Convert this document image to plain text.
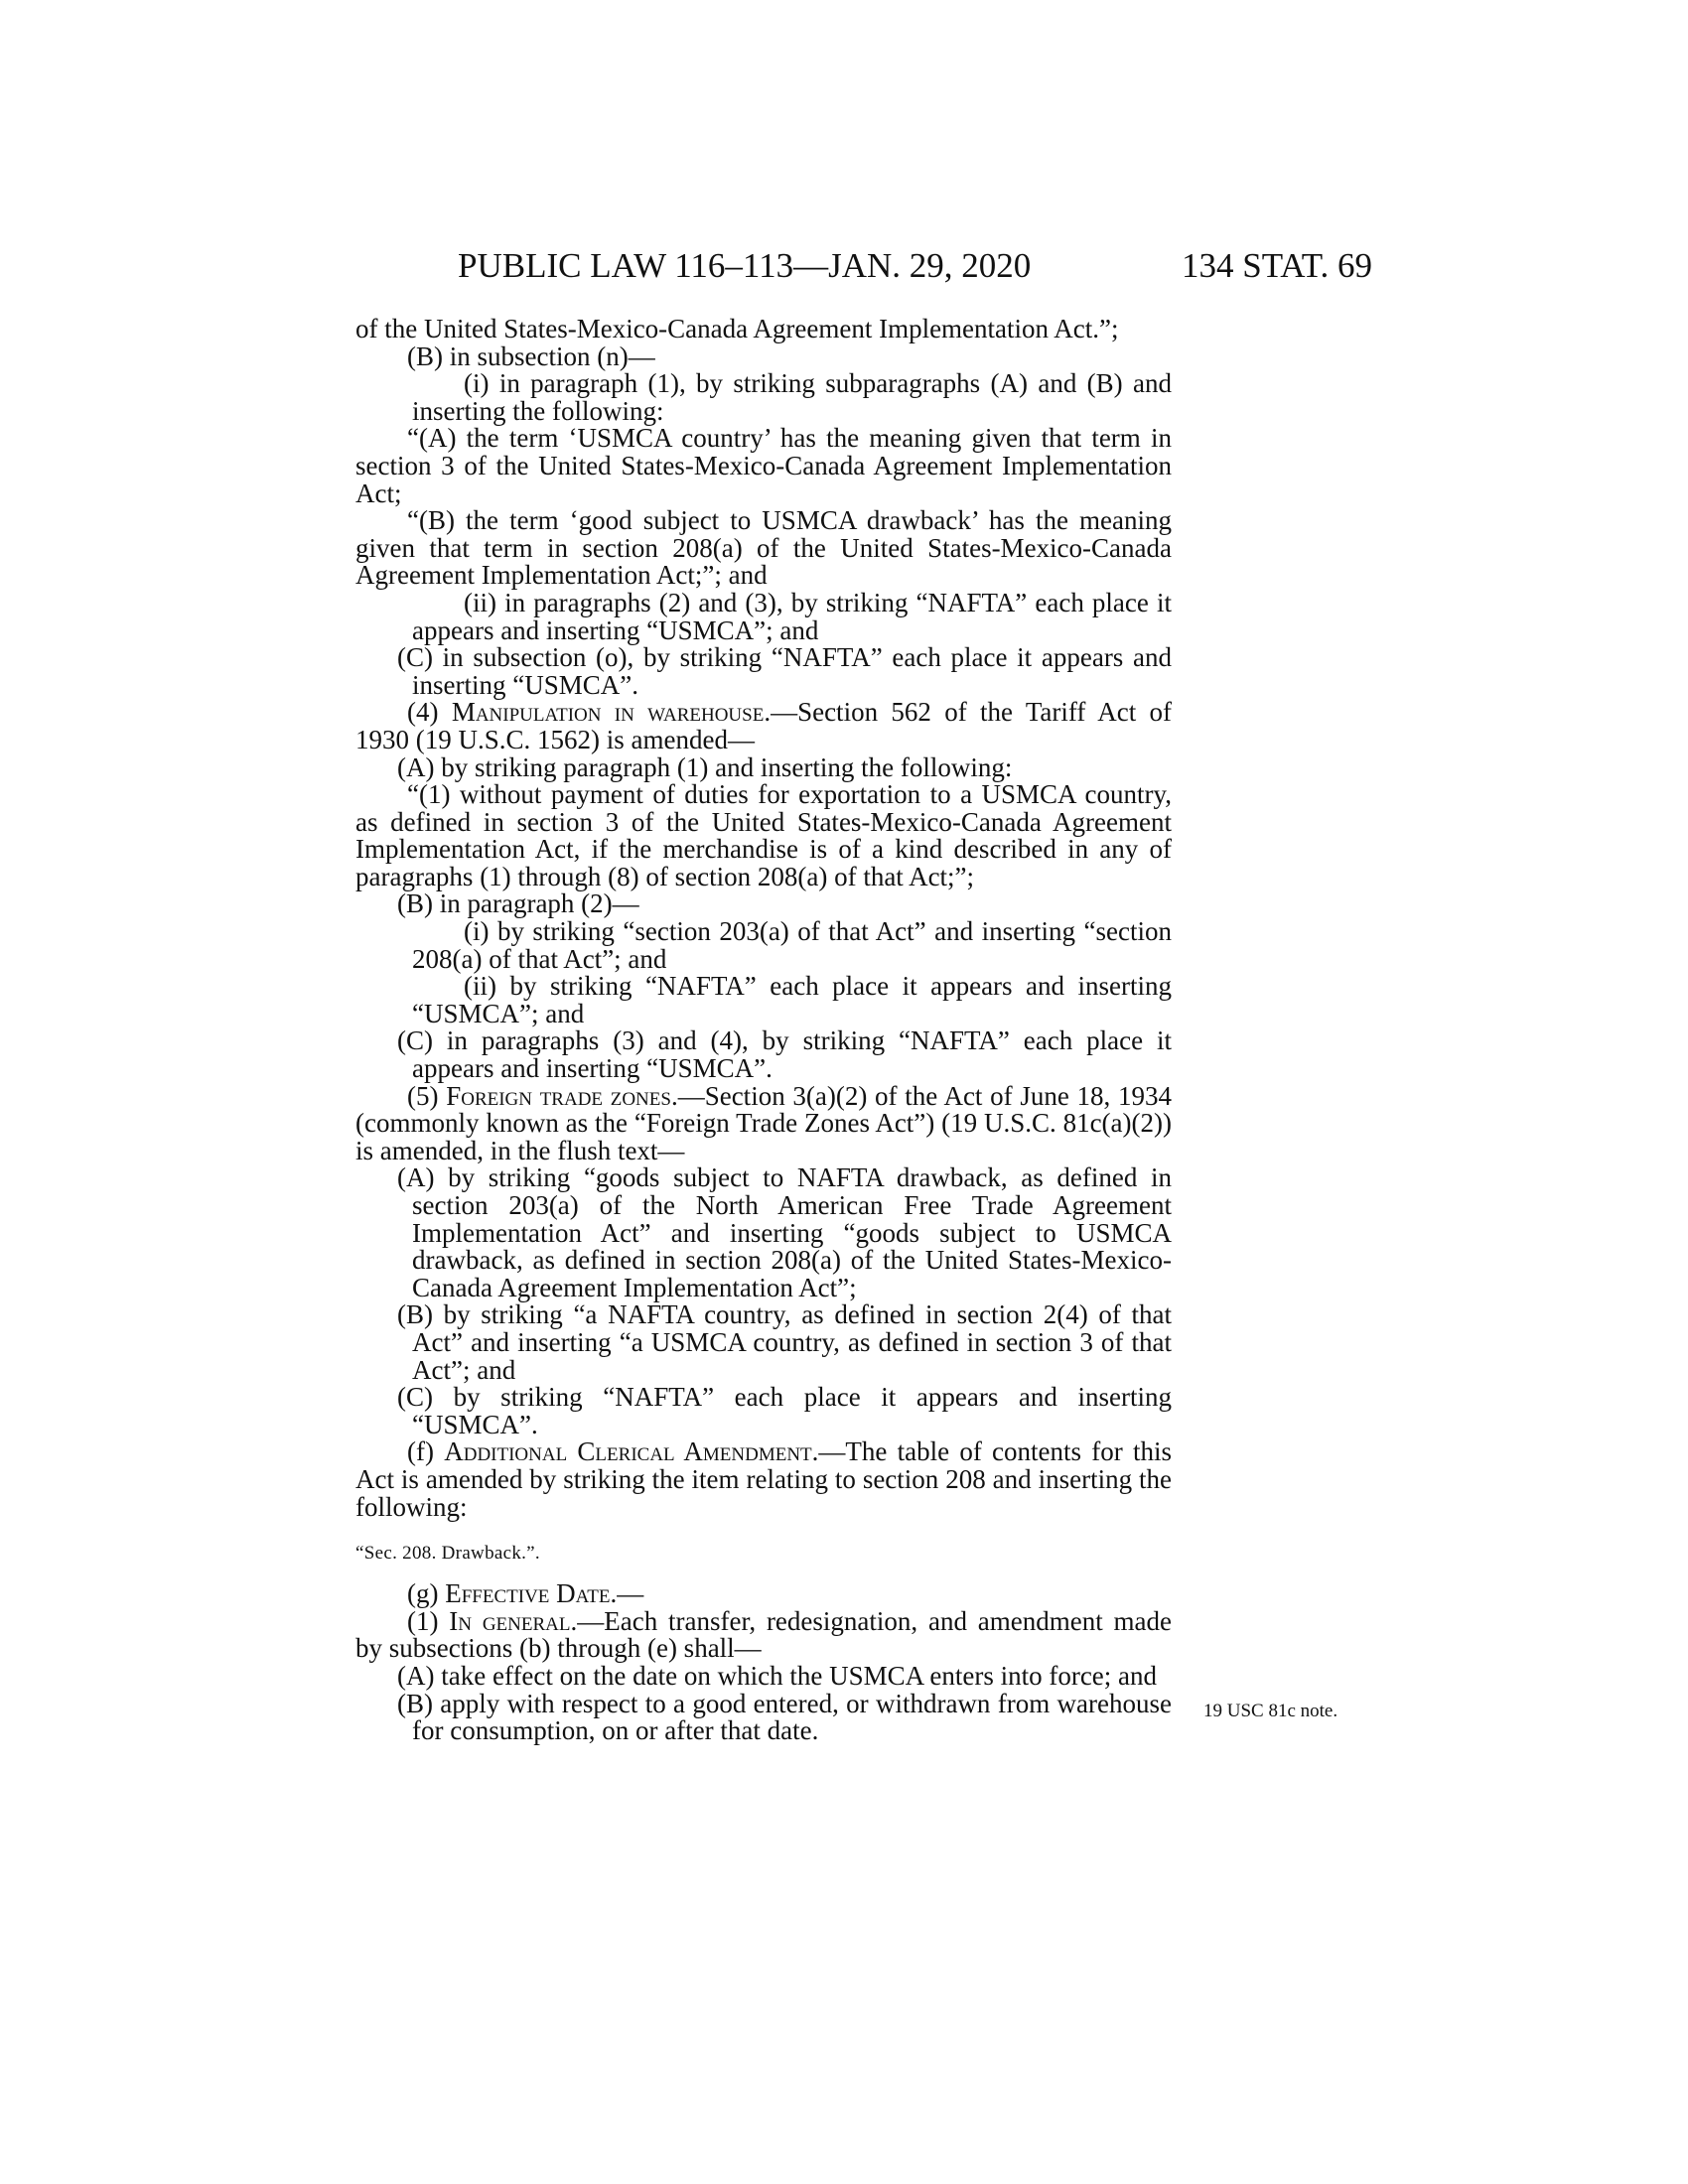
PUBLIC LAW 116–113—JAN. 29, 2020	134 STAT. 69

of the United States-Mexico-Canada Agreement Implementation Act.”;

(B) in subsection (n)—

(i) in paragraph (1), by striking subparagraphs (A) and (B) and inserting the following:

“(A) the term ‘USMCA country’ has the meaning given that term in section 3 of the United States-Mexico-Canada Agreement Implementation Act;

“(B) the term ‘good subject to USMCA drawback’ has the meaning given that term in section 208(a) of the United States-Mexico-Canada Agreement Implementation Act;”; and

(ii) in paragraphs (2) and (3), by striking “NAFTA” each place it appears and inserting “USMCA”; and

(C) in subsection (o), by striking “NAFTA” each place it appears and inserting “USMCA”.

(4) Manipulation in warehouse.—Section 562 of the Tariff Act of 1930 (19 U.S.C. 1562) is amended—

(A) by striking paragraph (1) and inserting the following:

“(1) without payment of duties for exportation to a USMCA country, as defined in section 3 of the United States-Mexico-Canada Agreement Implementation Act, if the merchandise is of a kind described in any of paragraphs (1) through (8) of section 208(a) of that Act;”;

(B) in paragraph (2)—

(i) by striking “section 203(a) of that Act” and inserting “section 208(a) of that Act”; and

(ii) by striking “NAFTA” each place it appears and inserting “USMCA”; and

(C) in paragraphs (3) and (4), by striking “NAFTA” each place it appears and inserting “USMCA”.

(5) Foreign trade zones.—Section 3(a)(2) of the Act of June 18, 1934 (commonly known as the “Foreign Trade Zones Act”) (19 U.S.C. 81c(a)(2)) is amended, in the flush text—

(A) by striking “goods subject to NAFTA drawback, as defined in section 203(a) of the North American Free Trade Agreement Implementation Act” and inserting “goods subject to USMCA drawback, as defined in section 208(a) of the United States-Mexico-Canada Agreement Implementation Act”;

(B) by striking “a NAFTA country, as defined in section 2(4) of that Act” and inserting “a USMCA country, as defined in section 3 of that Act”; and

(C) by striking “NAFTA” each place it appears and inserting “USMCA”.

(f) Additional Clerical Amendment.—The table of contents for this Act is amended by striking the item relating to section 208 and inserting the following:

“Sec. 208. Drawback.”.

(g) Effective Date.—

(1) In general.—Each transfer, redesignation, and amendment made by subsections (b) through (e) shall—

(A) take effect on the date on which the USMCA enters into force; and

(B) apply with respect to a good entered, or withdrawn from warehouse for consumption, on or after that date.

19 USC 81c note.
